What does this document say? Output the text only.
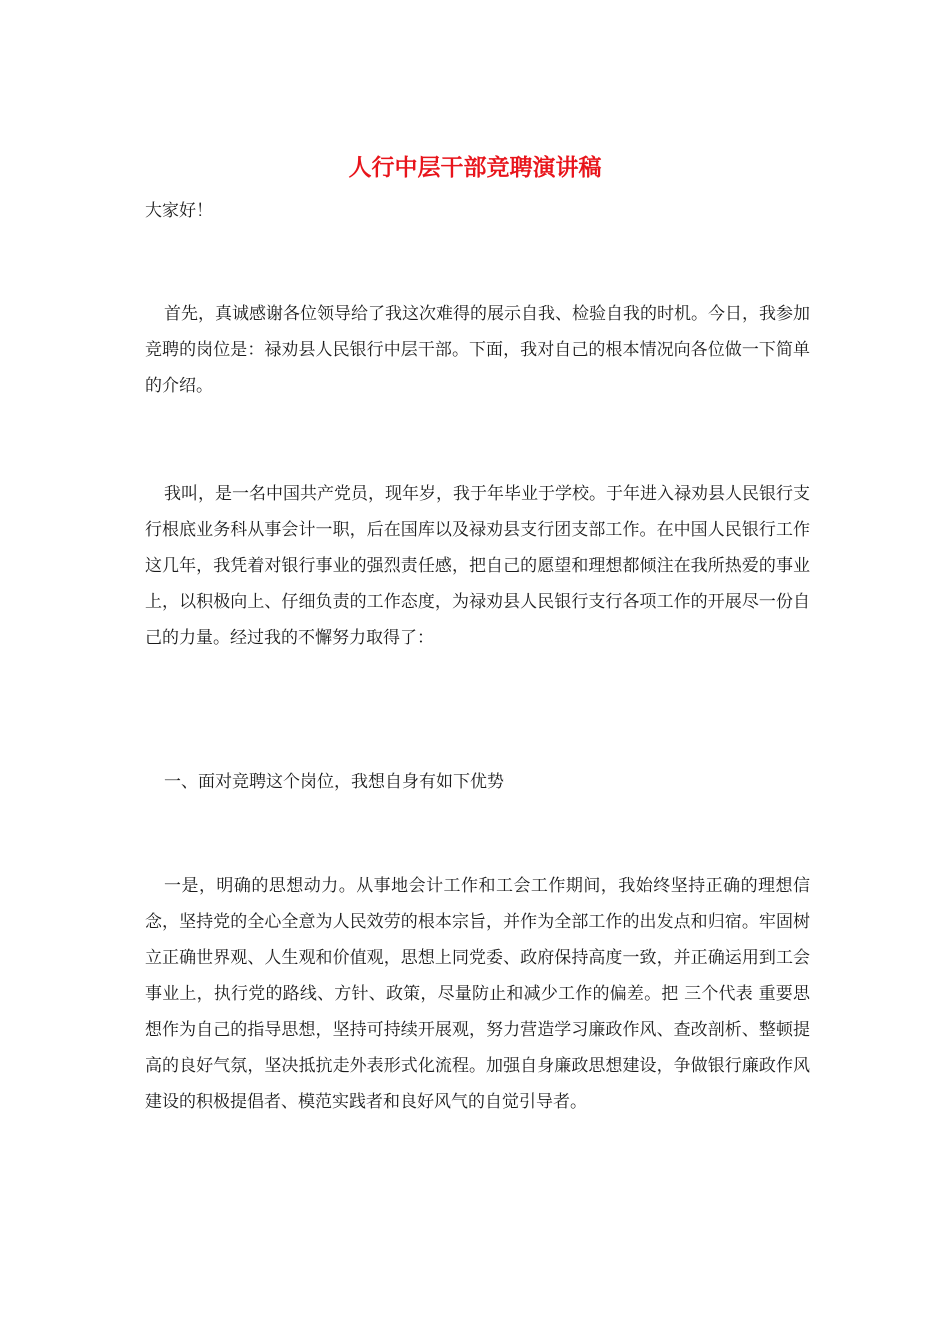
人行中层干部竞聘演讲稿
大家好！

首先，真诚感谢各位领导给了我这次难得的展示自我、检验自我的时机。今日，我参加竞聘的岗位是：禄劝县人民银行中层干部。下面，我对自己的根本情况向各位做一下简单的介绍。

我叫，是一名中国共产党员，现年岁，我于年毕业于学校。于年进入禄劝县人民银行支行根底业务科从事会计一职，后在国库以及禄劝县支行团支部工作。在中国人民银行工作这几年，我凭着对银行事业的强烈责任感，把自己的愿望和理想都倾注在我所热爱的事业上，以积极向上、仔细负责的工作态度，为禄劝县人民银行支行各项工作的开展尽一份自己的力量。经过我的不懈努力取得了：

一、面对竞聘这个岗位，我想自身有如下优势

一是，明确的思想动力。从事地会计工作和工会工作期间，我始终坚持正确的理想信念，坚持党的全心全意为人民效劳的根本宗旨，并作为全部工作的出发点和归宿。牢固树立正确世界观、人生观和价值观，思想上同党委、政府保持高度一致，并正确运用到工会事业上，执行党的路线、方针、政策，尽量防止和减少工作的偏差。把 三个代表 重要思想作为自己的指导思想，坚持可持续开展观，努力营造学习廉政作风、查改剖析、整顿提高的良好气氛，坚决抵抗走外表形式化流程。加强自身廉政思想建设，争做银行廉政作风建设的积极提倡者、模范实践者和良好风气的自觉引导者。
